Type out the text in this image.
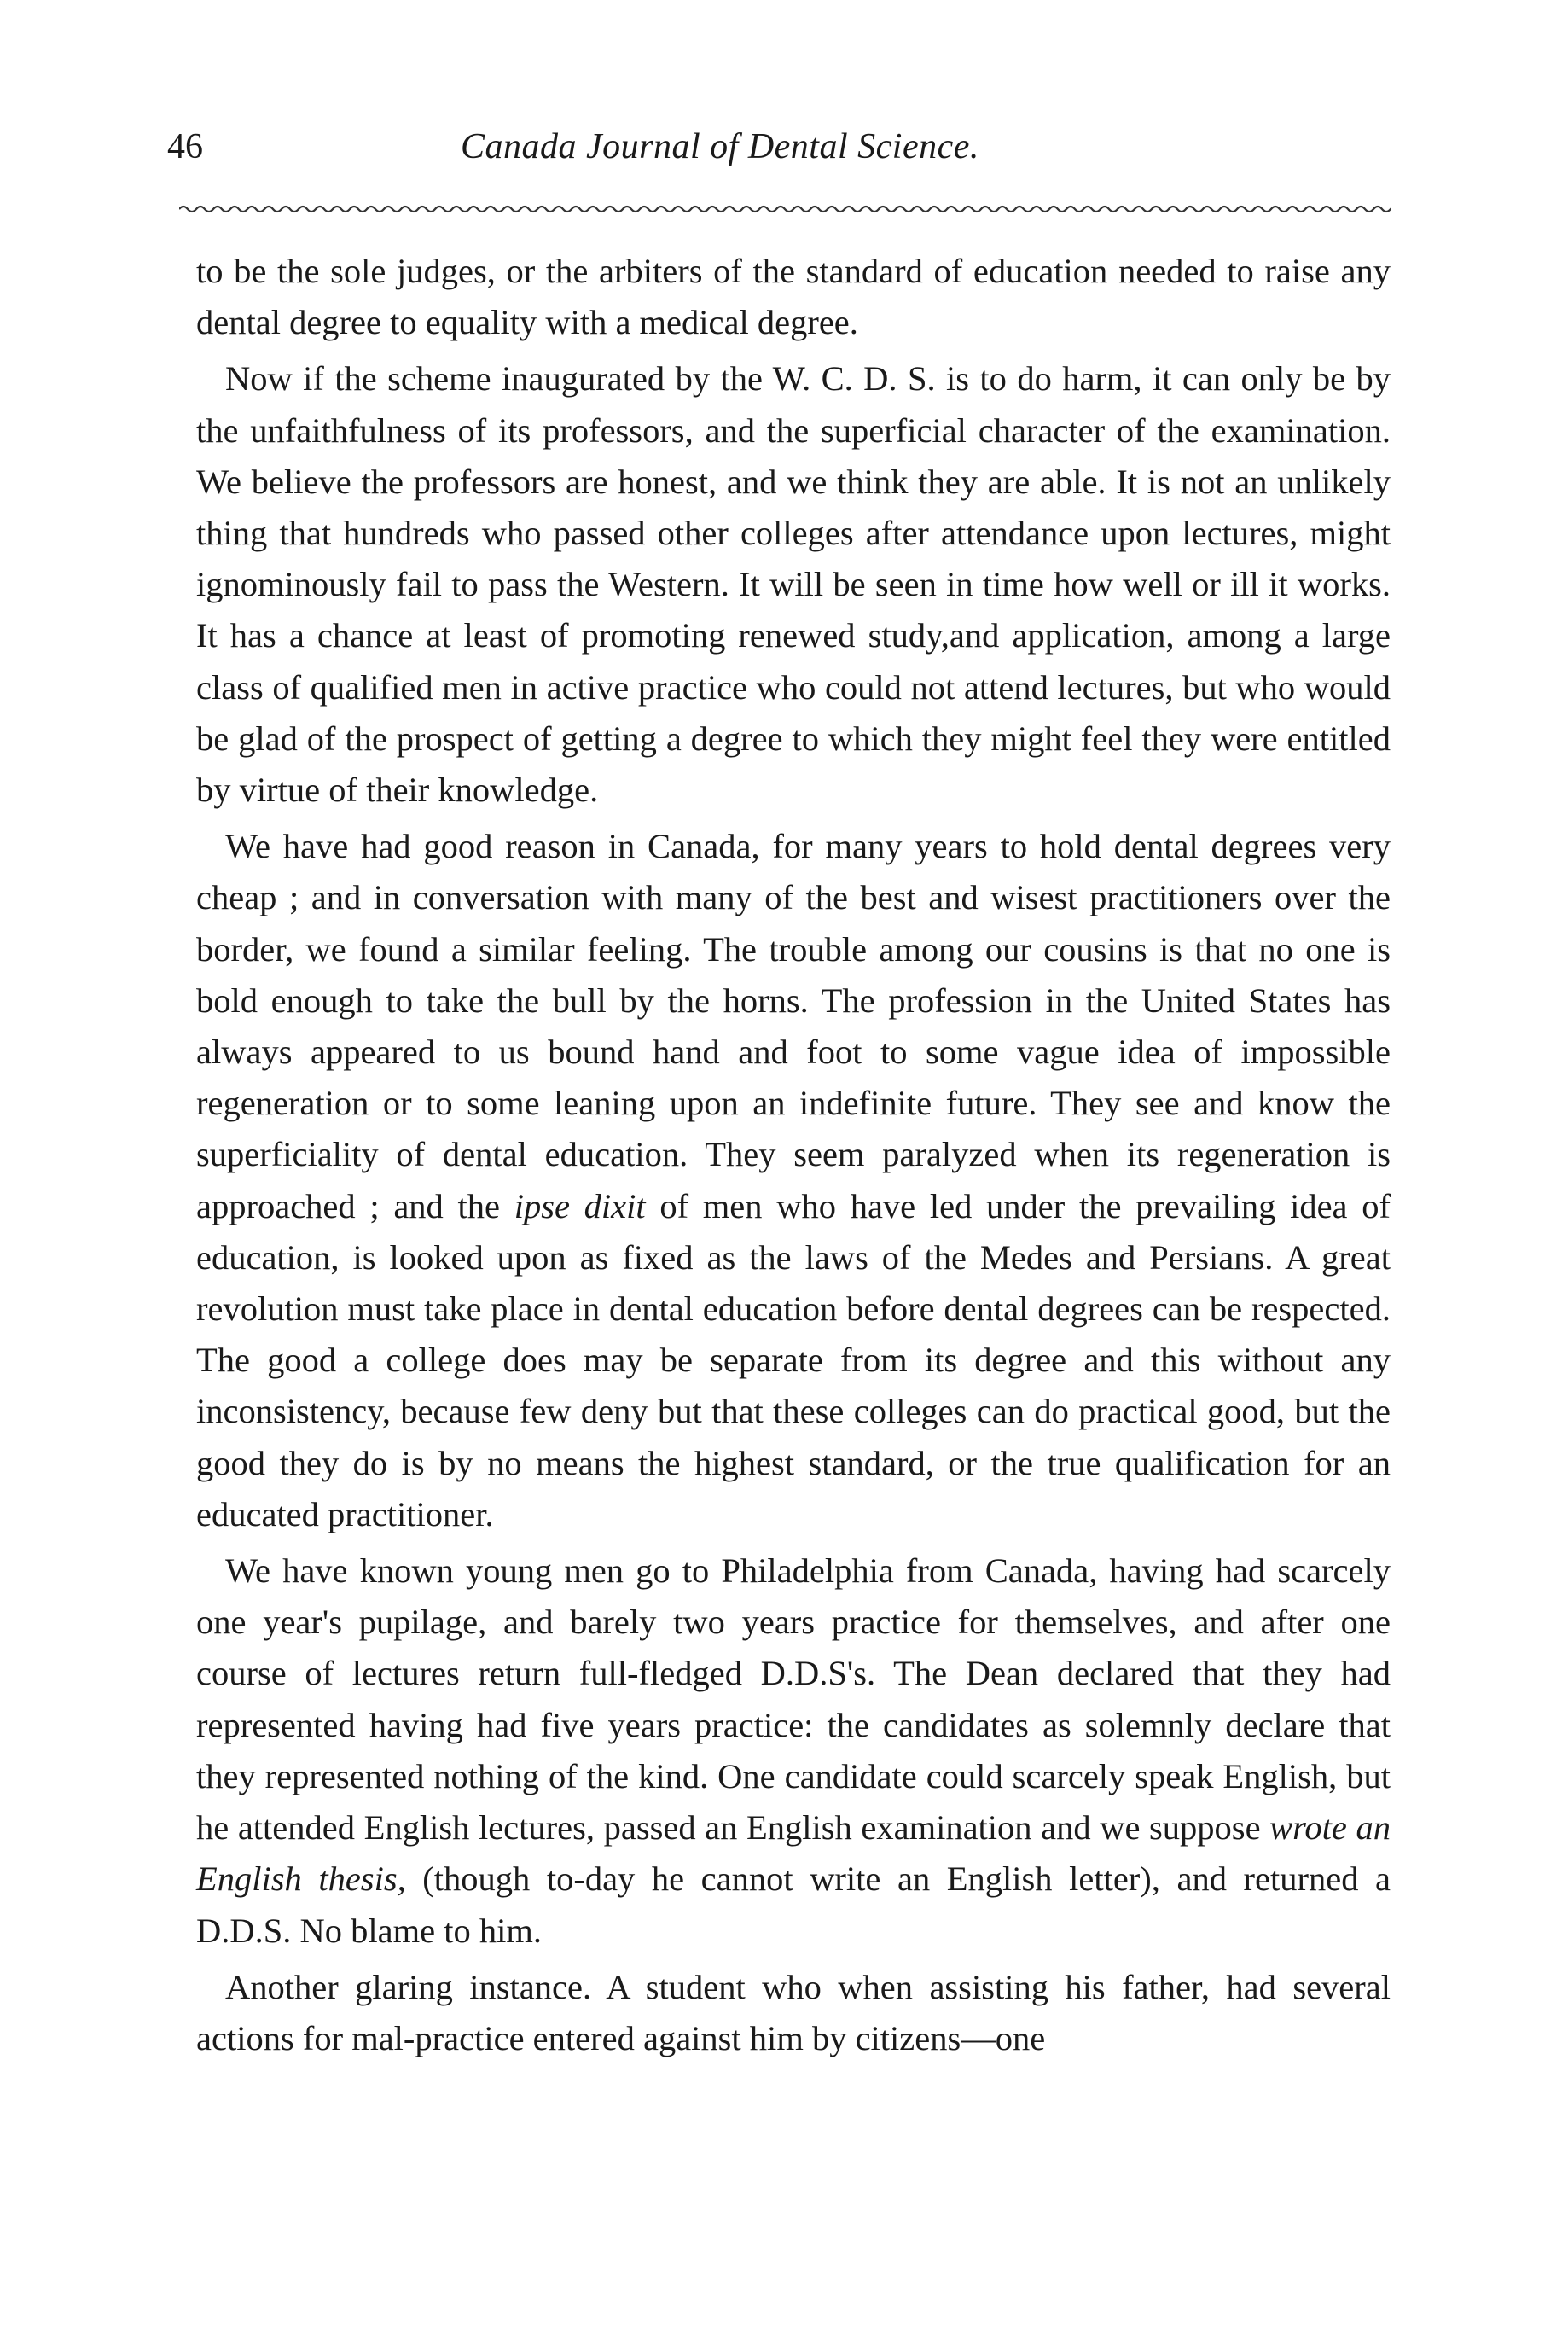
46	Canada Journal of Dental Science.

to be the sole judges, or the arbiters of the standard of education needed to raise any dental degree to equality with a medical degree.

Now if the scheme inaugurated by the W. C. D. S. is to do harm, it can only be by the unfaithfulness of its professors, and the superficial character of the examination. We believe the professors are honest, and we think they are able. It is not an unlikely thing that hundreds who passed other colleges after attendance upon lectures, might ignominously fail to pass the Western. It will be seen in time how well or ill it works. It has a chance at least of promoting renewed study,and application, among a large class of qualified men in active practice who could not attend lectures, but who would be glad of the prospect of getting a degree to which they might feel they were entitled by virtue of their knowledge.

We have had good reason in Canada, for many years to hold dental degrees very cheap ; and in conversation with many of the best and wisest practitioners over the border, we found a similar feeling. The trouble among our cousins is that no one is bold enough to take the bull by the horns. The profession in the United States has always appeared to us bound hand and foot to some vague idea of impossible regeneration or to some leaning upon an indefinite future. They see and know the superficiality of dental education. They seem paralyzed when its regeneration is approached ; and the ipse dixit of men who have led under the prevailing idea of education, is looked upon as fixed as the laws of the Medes and Persians. A great revolution must take place in dental education before dental degrees can be respected. The good a college does may be separate from its degree and this without any inconsistency, because few deny but that these colleges can do practical good, but the good they do is by no means the highest standard, or the true qualification for an educated practitioner.

We have known young men go to Philadelphia from Canada, having had scarcely one year's pupilage, and barely two years practice for themselves, and after one course of lectures return full-fledged D.D.S's. The Dean declared that they had represented having had five years practice: the candidates as solemnly declare that they represented nothing of the kind. One candidate could scarcely speak English, but he attended English lectures, passed an English examination and we suppose wrote an English thesis, (though to-day he cannot write an English letter), and returned a D.D.S. No blame to him.

Another glaring instance. A student who when assisting his father, had several actions for mal-practice entered against him by citizens—one
